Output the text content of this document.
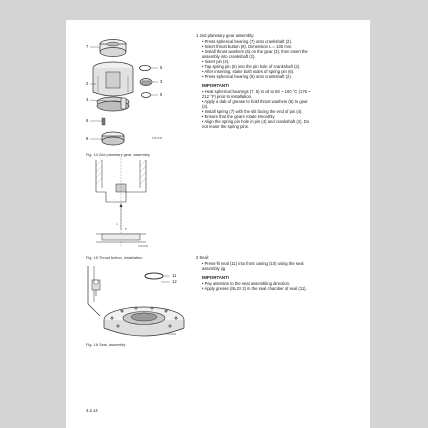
7
2
4
6
8
5
3
5
5154148
Fig. 14 2nd planetary gear, assembly
A
B
5154135
Fig. 15 Thrust button, installation
11
12
5154154
Fig. 16 Seal, assembly
1 2nd planetary gear assembly:
• Press spherical bearing (7) onto crankshaft (2).
• Insert thrust button (8). Dimension L = 135 mm.
• Install thrust washers (6) on the gear (3), then insert the
assembly into crankshaft (2).
• Insert pin (4).
• Tap spring pin (6) into the pin hole of crankshaft (2).
• After inserting, stake both sides of spring pin (6).
• Press spherical bearing (5) onto crankshaft (2).
IMPORTANT!
• Heat spherical bearings (7, 5) in oil to 80 ~ 100 °C (176 ~
212 °F) prior to installation.
• Apply a dab of grease to hold thrust washers (6) to gear
(3).
• Install spring (7) with the slit facing the end of pin (4).
• Ensure that the gears rotate smoothly.
• Align the spring pin hole in pin (4) and crankshaft (2). Do
not reuse the spring pins.
2 Seal:
• Press-fit seal (11) into front casing (10) using the seal
assembly jig.
IMPORTANT!
• Pay attention to the seal assembling direction.
• Apply grease (NLGI 2) in the seal chamber of seal (11).
4.2.14
